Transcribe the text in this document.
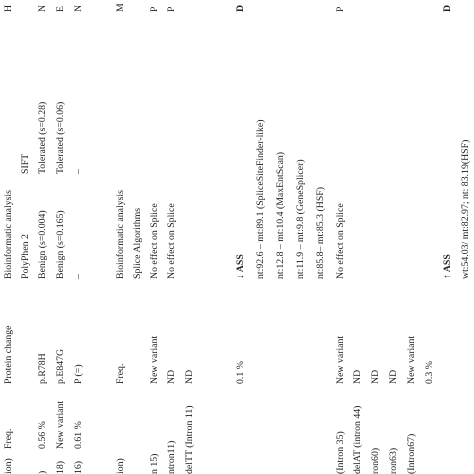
ion)
Freq.
Protein change
Bioinformatic analysis PolyPhen 2
SIFT
H
)
0.56 %
p.R78H
Benign (s=0.004)
Tolerated (s=0.28)
N
18)
New variant
p.E847G
Benign (s=0.165)
Tolerated (s=0.06)
E
16)
0.61 %
P (=)
–
–
N
ion)
Freq.
Bioinformatic analysis Splice Algorithms
M
n 15)
New variant
No effect on Splice
P
ntron11)
ND
No effect on Splice
P
delTT (Intron 11)
ND	0.1 %
↓ ASS nt:92.6 – mt:89.1 (SpliceSiteFinder-like) nt:12.8 – mt:10.4 (MaxEntScan) nt:11.9 – mt:9.8 (GeneSplicer) nt:85.8– mt:85.3 (HSF)
D
(Intron 35)
New variant
No effect on Splice
P
delAT (intron 44)
ND
ron60)
ND
ron63)
ND
(Intron67)
New variant 0.3 %
↑ ASS wt:54.03/ mt:82.97; nt: 83.19(HSF)
D
